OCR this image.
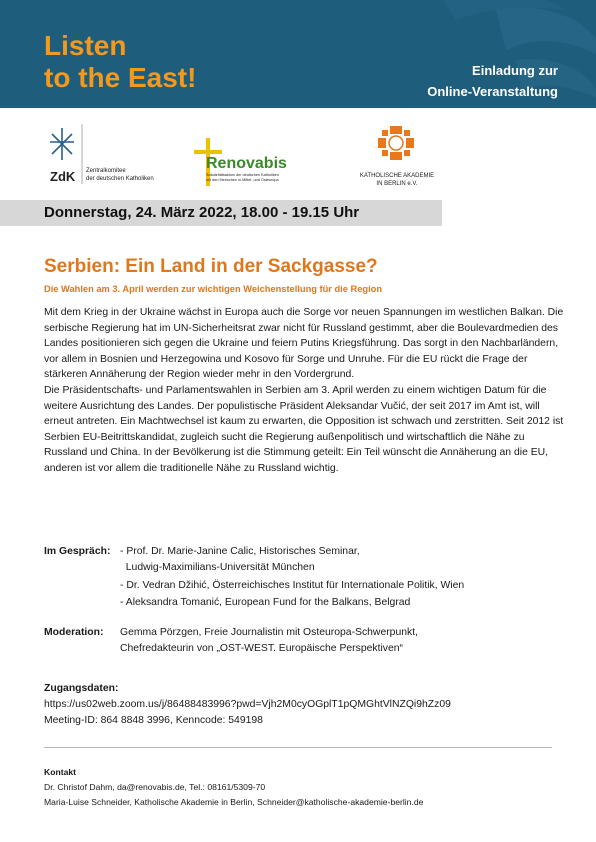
Listen
to the East!	Einladung zur
Online-Veranstaltung
ZdK Zentralkomitee
der deutschen Katholiken
Renovabis
Solidaritätsaktion der deutschen Katholiken
mit den Menschen in Mittel- und Osteuropa
KATHOLISCHE AKADEMIE
IN BERLIN e.V.
Donnerstag, 24. März 2022, 18.00 - 19.15 Uhr
Serbien: Ein Land in der Sackgasse?
Die Wahlen am 3. April werden zur wichtigen Weichenstellung für die Region

Mit dem Krieg in der Ukraine wächst in Europa auch die Sorge vor neuen Spannungen im westlichen Balkan. Die serbische Regierung hat im UN-Sicherheitsrat zwar nicht für Russland gestimmt, aber die Boulevardmedien des Landes positionieren sich gegen die Ukraine und feiern Putins Kriegsführung. Das sorgt in den Nachbarländern, vor allem in Bosnien und Herzegowina und Kosovo für Sorge und Unruhe. Für die EU rückt die Frage der stärkeren Annäherung der Region wieder mehr in den Vordergrund.

Die Präsidentschafts- und Parlamentswahlen in Serbien am 3. April werden zu einem wichtigen Datum für die weitere Ausrichtung des Landes. Der populistische Präsident Aleksandar Vučić, der seit 2017 im Amt ist, will erneut antreten. Ein Machtwechsel ist kaum zu erwarten, die Opposition ist schwach und zerstritten. Seit 2012 ist Serbien EU-Beitrittskandidat, zugleich sucht die Regierung außenpolitisch und wirtschaftlich die Nähe zu Russland und China. In der Bevölkerung ist die Stimmung geteilt: Ein Teil wünscht die Annäherung an die EU, anderen ist vor allem die traditionelle Nähe zu Russland wichtig.

Im Gespräch: - Prof. Dr. Marie-Janine Calic, Historisches Seminar,
Ludwig-Maximilians-Universität München
- Dr. Vedran Džihić, Österreichisches Institut für Internationale Politik, Wien
- Aleksandra Tomanić, European Fund for the Balkans, Belgrad
Moderation: Gemma Pörzgen, Freie Journalistin mit Osteuropa-Schwerpunkt,
Chefredakteurin von „OST-WEST. Europäische Perspektiven“
Zugangsdaten:
https://us02web.zoom.us/j/86488483996?pwd=Vjh2M0cyOGplT1pQMGhtVlNZQi9hZz09
Meeting-ID: 864 8848 3996, Kenncode: 549198
Kontakt
Dr. Christof Dahm, da@renovabis.de, Tel.: 08161/5309-70
Maria-Luise Schneider, Katholische Akademie in Berlin, Schneider@katholische-akademie-berlin.de
